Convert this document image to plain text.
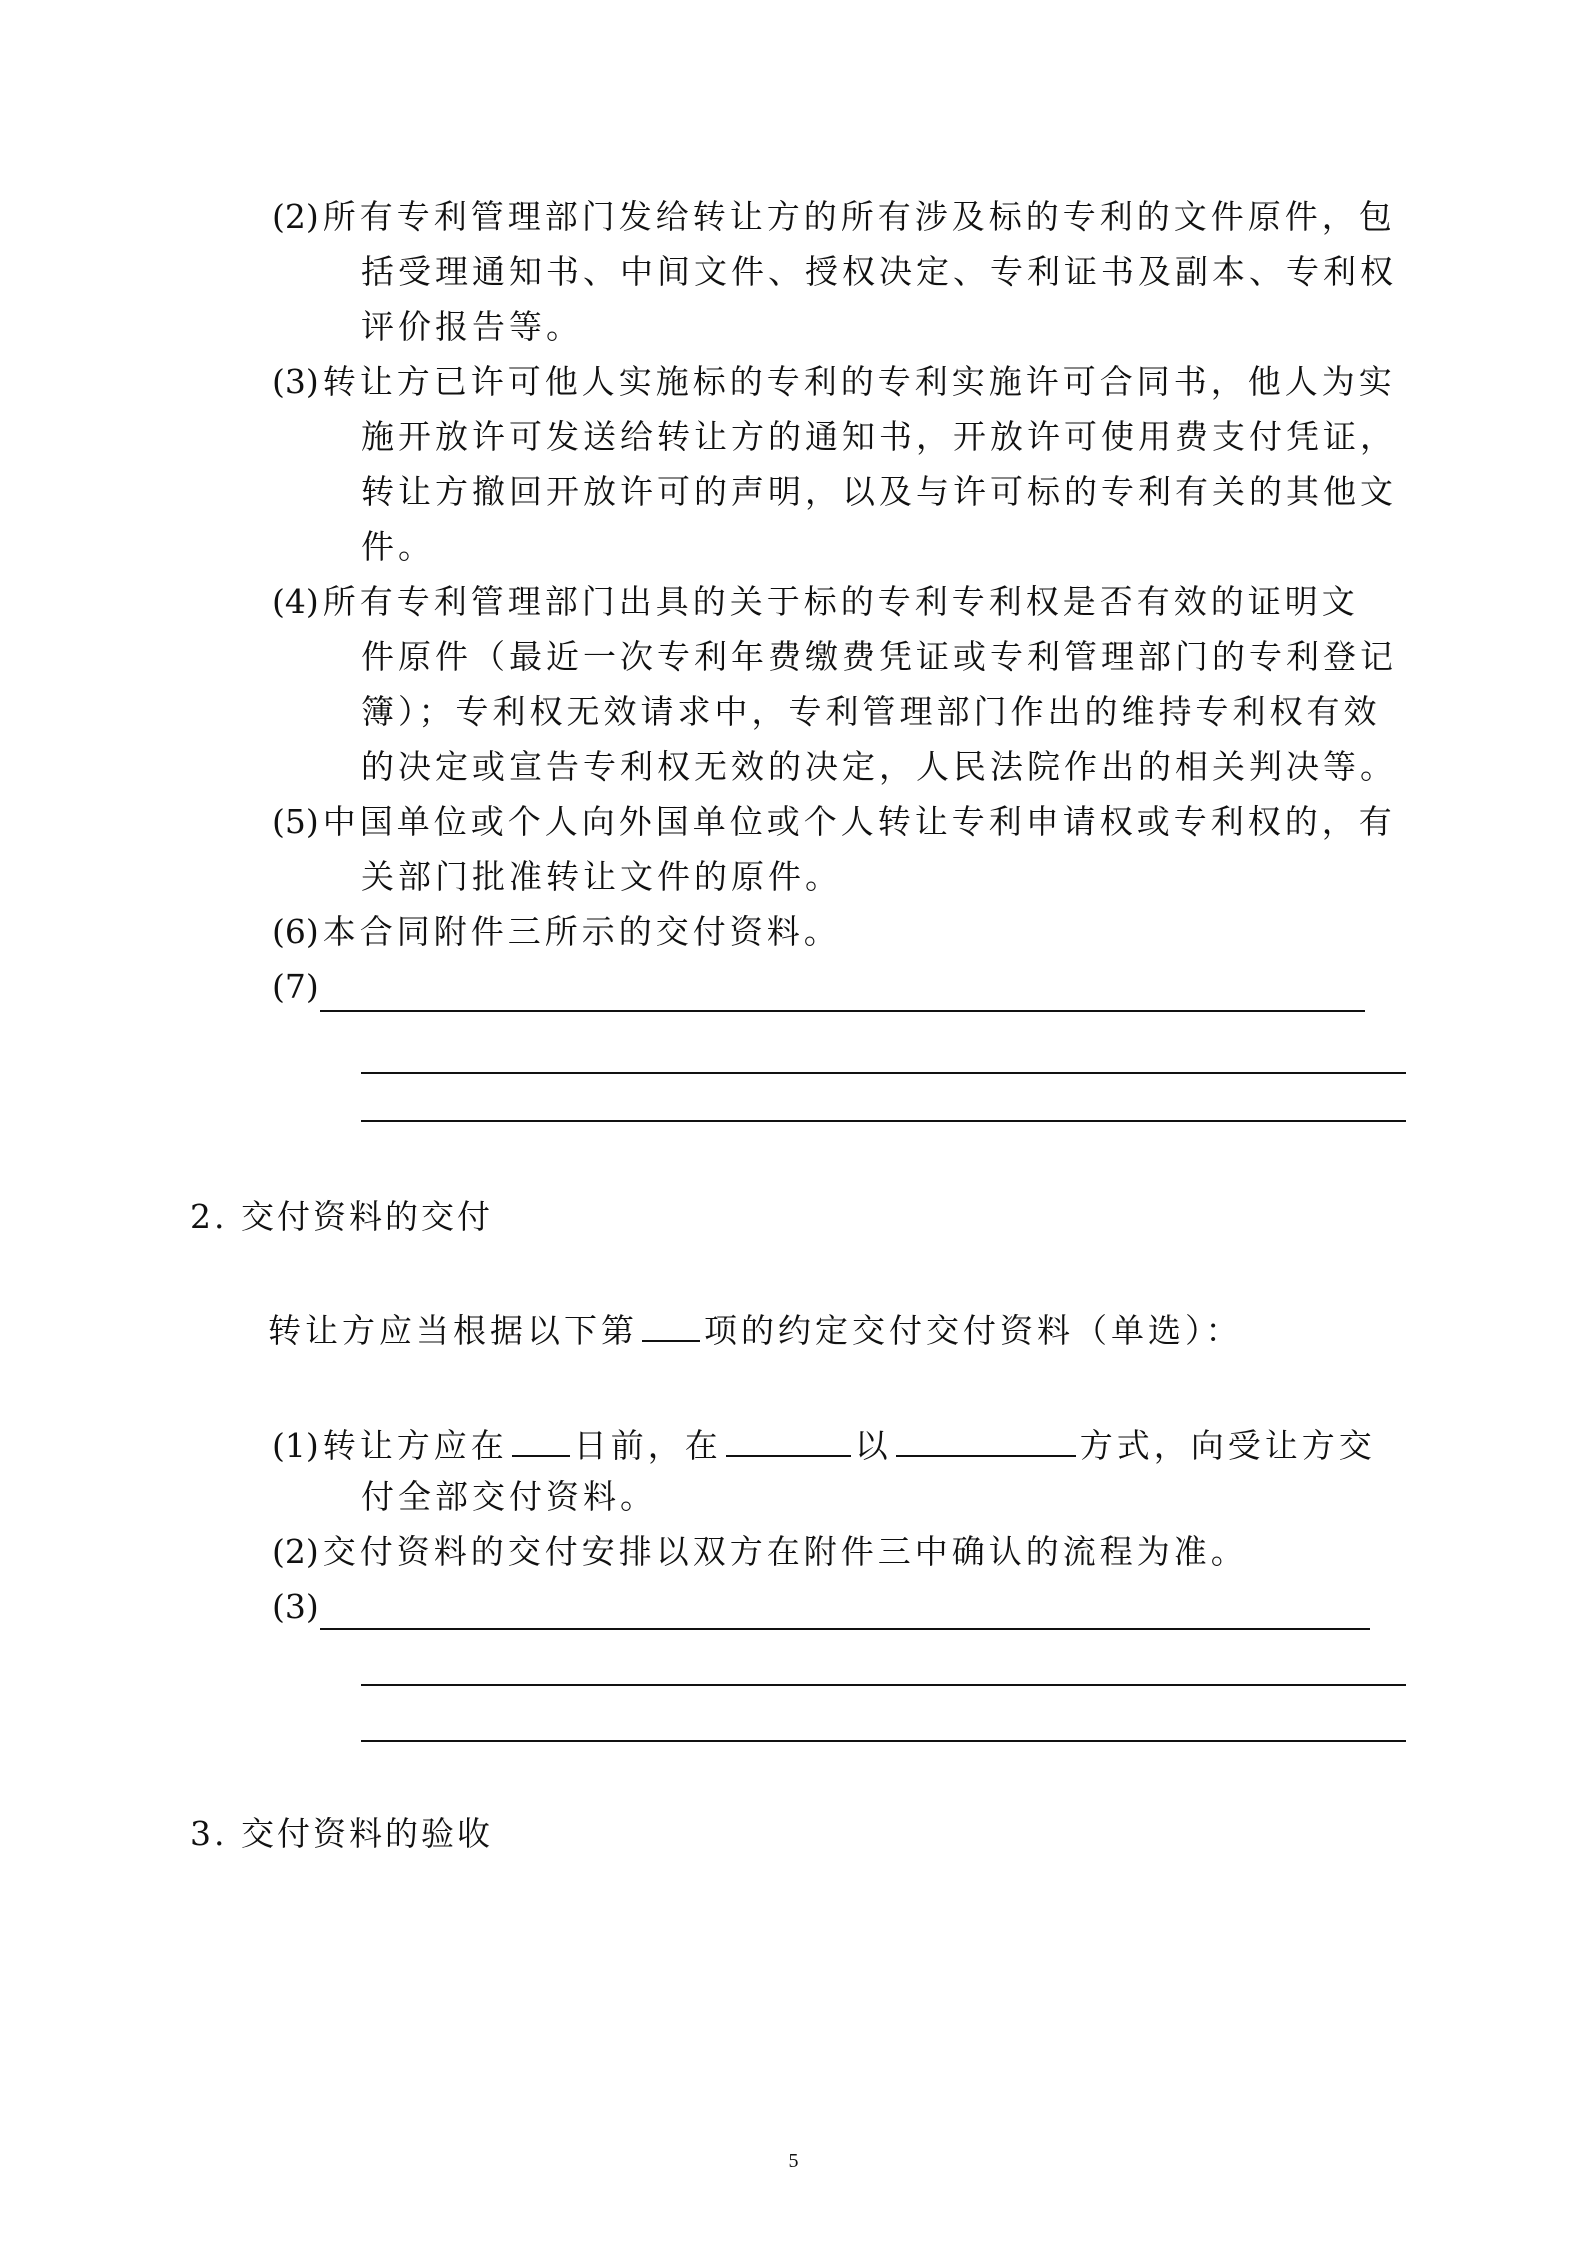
(2) 所有专利管理部门发给转让方的所有涉及标的专利的文件原件，包
括受理通知书、中间文件、授权决定、专利证书及副本、专利权
评价报告等。
(3) 转让方已许可他人实施标的专利的专利实施许可合同书，他人为实
施开放许可发送给转让方的通知书，开放许可使用费支付凭证，
转让方撤回开放许可的声明，以及与许可标的专利有关的其他文
件。
(4) 所有专利管理部门出具的关于标的专利专利权是否有效的证明文
件原件（最近一次专利年费缴费凭证或专利管理部门的专利登记
簿）；专利权无效请求中，专利管理部门作出的维持专利权有效
的决定或宣告专利权无效的决定，人民法院作出的相关判决等。
(5) 中国单位或个人向外国单位或个人转让专利申请权或专利权的，有
关部门批准转让文件的原件。
(6) 本合同附件三所示的交付资料。
(7)
2. 交付资料的交付
转让方应当根据以下第 项的约定交付交付资料（单选）：
(1) 转让方应在 日前，在	以	方式，向受让方交
付全部交付资料。
(2) 交付资料的交付安排以双方在附件三中确认的流程为准。
(3)
3. 交付资料的验收
5
